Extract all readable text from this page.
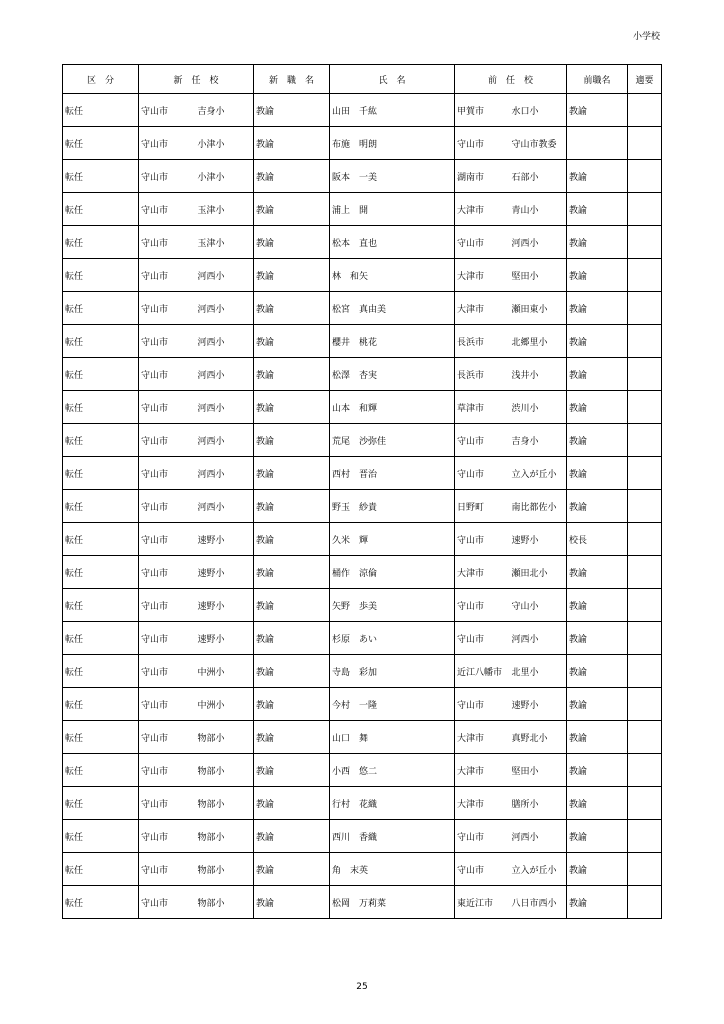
小学校
区　分	新　任　校		新　職　名	氏　名	前　任　校		前職名	適要
転任	守山市	吉身小	教諭	山田　千紘	甲賀市	水口小	教諭	
転任	守山市	小津小	教諭	布施　明朗	守山市	守山市教委		
転任	守山市	小津小	教諭	阪本　一美	湖南市	石部小	教諭	
転任	守山市	玉津小	教諭	浦上　開	大津市	青山小	教諭	
転任	守山市	玉津小	教諭	松本　直也	守山市	河西小	教諭	
転任	守山市	河西小	教諭	林　和矢	大津市	堅田小	教諭	
転任	守山市	河西小	教諭	松宮　真由美	大津市	瀬田東小	教諭	
転任	守山市	河西小	教諭	櫻井　桃花	長浜市	北郷里小	教諭	
転任	守山市	河西小	教諭	松澤　杏実	長浜市	浅井小	教諭	
転任	守山市	河西小	教諭	山本　和輝	草津市	渋川小	教諭	
転任	守山市	河西小	教諭	荒尾　沙弥佳	守山市	吉身小	教諭	
転任	守山市	河西小	教諭	西村　晋治	守山市	立入が丘小	教諭	
転任	守山市	河西小	教諭	野玉　紗貴	日野町	南比都佐小	教諭	
転任	守山市	速野小	教諭	久米　輝	守山市	速野小	校長	
転任	守山市	速野小	教諭	桶作　涼倫	大津市	瀬田北小	教諭	
転任	守山市	速野小	教諭	矢野　歩美	守山市	守山小	教諭	
転任	守山市	速野小	教諭	杉原　あい	守山市	河西小	教諭	
転任	守山市	中洲小	教諭	寺島　彩加	近江八幡市	北里小	教諭	
転任	守山市	中洲小	教諭	今村　一隆	守山市	速野小	教諭	
転任	守山市	物部小	教諭	山口　舞	大津市	真野北小	教諭	
転任	守山市	物部小	教諭	小西　悠二	大津市	堅田小	教諭	
転任	守山市	物部小	教諭	行村　花織	大津市	膳所小	教諭	
転任	守山市	物部小	教諭	西川　香織	守山市	河西小	教諭	
転任	守山市	物部小	教諭	角　末英	守山市	立入が丘小	教諭	
転任	守山市	物部小	教諭	松岡　万莉菜	東近江市	八日市西小	教諭	
25
